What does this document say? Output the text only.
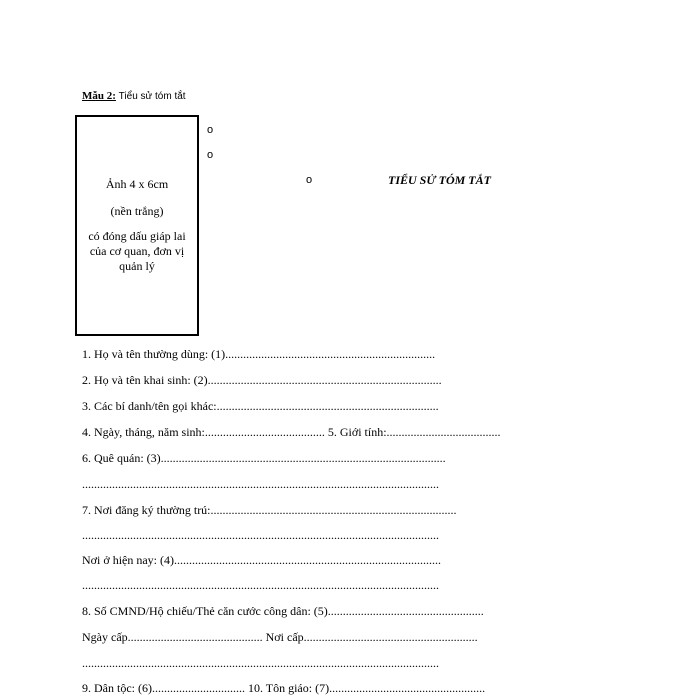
Mẫu 2: Tiểu sử tóm tắt
Ảnh 4 x 6cm
(nền trắng)
có đóng dấu giáp lai của cơ quan, đơn vị quản lý
o
o
o	TIỂU SỬ TÓM TẮT
1. Họ và tên thường dùng: (1)......................................................................
2. Họ và tên khai sinh: (2)..............................................................................
3. Các bí danh/tên gọi khác:..........................................................................
4. Ngày, tháng, năm sinh:........................................ 5. Giới tính:......................................
6. Quê quán: (3)...............................................................................................
.......................................................................................................................
7. Nơi đăng ký thường trú:..................................................................................
.......................................................................................................................
Nơi ở hiện nay: (4).........................................................................................
.......................................................................................................................
8. Số CMND/Hộ chiếu/Thẻ căn cước công dân: (5)....................................................
Ngày cấp............................................. Nơi cấp..........................................................
.......................................................................................................................
9. Dân tộc: (6)............................... 10. Tôn giáo: (7)....................................................
